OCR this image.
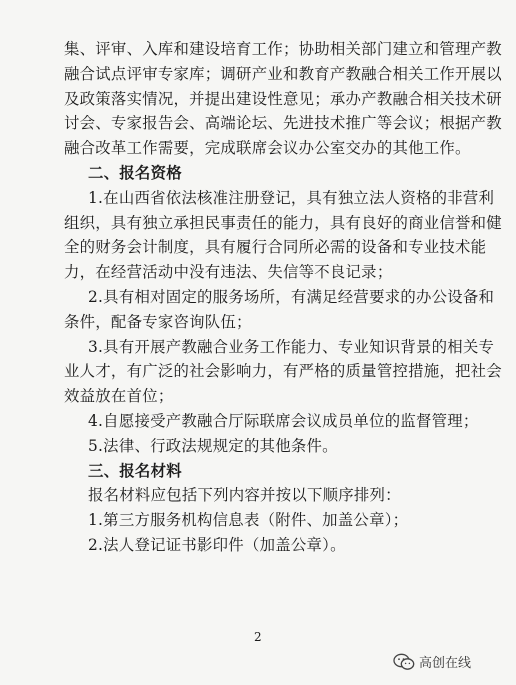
集、评审、入库和建设培育工作；协助相关部门建立和管理产教
融合试点评审专家库；调研产业和教育产教融合相关工作开展以
及政策落实情况，并提出建设性意见；承办产教融合相关技术研
讨会、专家报告会、高端论坛、先进技术推广等会议；根据产教
融合改革工作需要，完成联席会议办公室交办的其他工作。
二、报名资格
1.在山西省依法核准注册登记，具有独立法人资格的非营利
组织，具有独立承担民事责任的能力，具有良好的商业信誉和健
全的财务会计制度，具有履行合同所必需的设备和专业技术能
力，在经营活动中没有违法、失信等不良记录；
2.具有相对固定的服务场所，有满足经营要求的办公设备和
条件，配备专家咨询队伍；
3.具有开展产教融合业务工作能力、专业知识背景的相关专
业人才，有广泛的社会影响力，有严格的质量管控措施，把社会
效益放在首位；
4.自愿接受产教融合厅际联席会议成员单位的监督管理；
5.法律、行政法规规定的其他条件。
三、报名材料
报名材料应包括下列内容并按以下顺序排列：
1.第三方服务机构信息表（附件、加盖公章）；
2.法人登记证书影印件（加盖公章）。
2
高创在线
